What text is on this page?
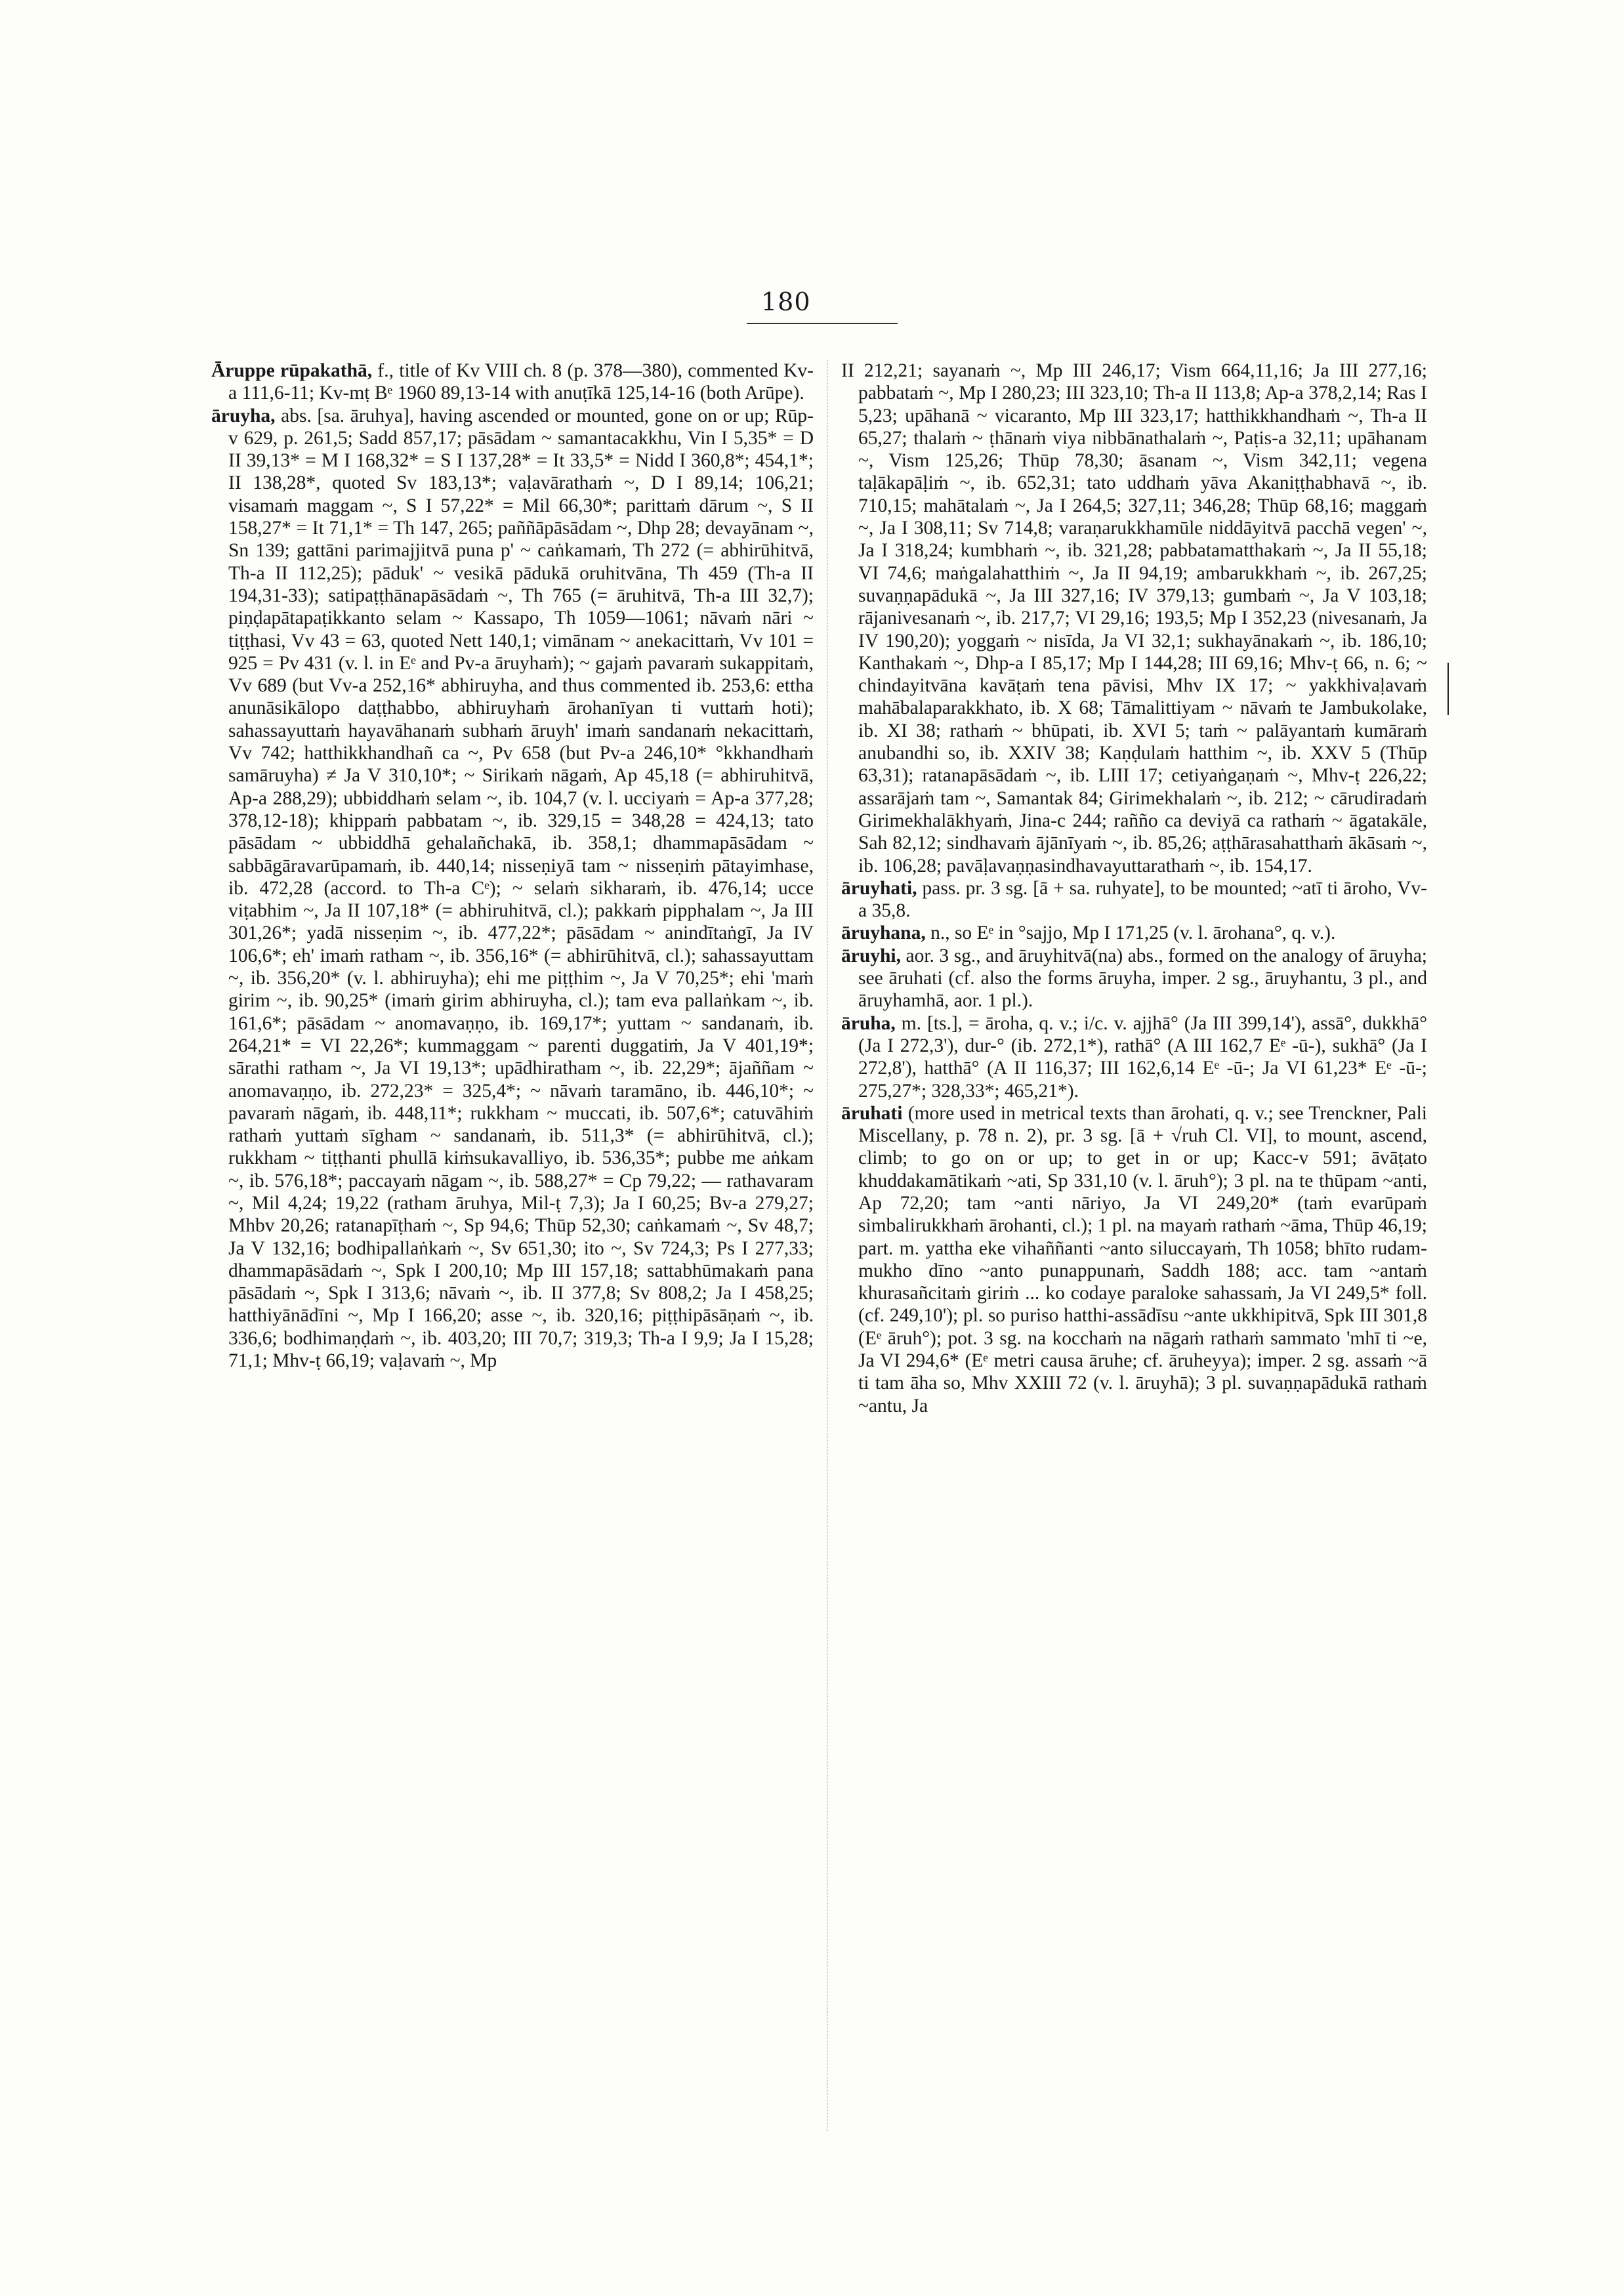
180

Āruppe rūpakathā, f., title of Kv VIII ch. 8 (p. 378—380), commented Kv-a 111,6-11; Kv-mṭ Bᵉ 1960 89,13-14 with anuṭīkā 125,14-16 (both Arūpe).

āruyha, abs. [sa. āruhya], having ascended or mounted, gone on or up; Rūp-v 629, p. 261,5; Sadd 857,17; pāsādam ~ samantacakkhu, Vin I 5,35* = D II 39,13* = M I 168,32* = S I 137,28* = It 33,5* = Nidd I 360,8*; 454,1*; II 138,28*, quoted Sv 183,13*; vaḷavārathaṁ ~, D I 89,14; 106,21; visamaṁ maggam ~, S I 57,22* = Mil 66,30*; parittaṁ dārum ~, S II 158,27* = It 71,1* = Th 147, 265; paññāpāsādam ~, Dhp 28; devayānam ~, Sn 139; gattāni parimajjitvā puna p' ~ caṅkamaṁ, Th 272 (= abhirūhitvā, Th-a II 112,25); pāduk' ~ vesikā pādukā oruhitvāna, Th 459 (Th-a II 194,31-33); satipaṭṭhānapāsādaṁ ~, Th 765 (= āruhitvā, Th-a III 32,7); piṇḍapātapaṭikkanto selam ~ Kassapo, Th 1059—1061; nāvaṁ nāri ~ tiṭṭhasi, Vv 43 = 63, quoted Nett 140,1; vimānam ~ anekacittaṁ, Vv 101 = 925 = Pv 431 (v. l. in Eᵉ and Pv-a āruyhaṁ); ~ gajaṁ pavaraṁ sukappitaṁ, Vv 689 (but Vv-a 252,16* abhiruyha, and thus commented ib. 253,6: ettha anunāsikālopo daṭṭhabbo, abhiruyhaṁ ārohanīyan ti vuttaṁ hoti); sahassayuttaṁ hayavāhanaṁ subhaṁ āruyh' imaṁ sandanaṁ nekacittaṁ, Vv 742; hatthikkhandhañ ca ~, Pv 658 (but Pv-a 246,10* °kkhandhaṁ samāruyha) ≠ Ja V 310,10*; ~ Sirikaṁ nāgaṁ, Ap 45,18 (= abhiruhitvā, Ap-a 288,29); ubbiddhaṁ selam ~, ib. 104,7 (v. l. ucciyaṁ = Ap-a 377,28; 378,12-18); khippaṁ pabbatam ~, ib. 329,15 = 348,28 = 424,13; tato pāsādam ~ ubbiddhā gehalañchakā, ib. 358,1; dhammapāsādam ~ sabbāgāravarūpamaṁ, ib. 440,14; nisseṇiyā tam ~ nisseṇiṁ pātayimhase, ib. 472,28 (accord. to Th-a Cᵉ); ~ selaṁ sikharaṁ, ib. 476,14; ucce viṭabhim ~, Ja II 107,18* (= abhiruhitvā, cl.); pakkaṁ pipphalam ~, Ja III 301,26*; yadā nisseṇim ~, ib. 477,22*; pāsādam ~ anindītaṅgī, Ja IV 106,6*; eh' imaṁ ratham ~, ib. 356,16* (= abhirūhitvā, cl.); sahassayuttam ~, ib. 356,20* (v. l. abhiruyha); ehi me piṭṭhim ~, Ja V 70,25*; ehi 'maṁ girim ~, ib. 90,25* (imaṁ girim abhiruyha, cl.); tam eva pallaṅkam ~, ib. 161,6*; pāsādam ~ anomavaṇṇo, ib. 169,17*; yuttam ~ sandanaṁ, ib. 264,21* = VI 22,26*; kummaggam ~ parenti duggatiṁ, Ja V 401,19*; sārathi ratham ~, Ja VI 19,13*; upādhiratham ~, ib. 22,29*; ājaññam ~ anomavaṇṇo, ib. 272,23* = 325,4*; ~ nāvaṁ taramāno, ib. 446,10*; ~ pavaraṁ nāgaṁ, ib. 448,11*; rukkham ~ muccati, ib. 507,6*; catuvāhiṁ rathaṁ yuttaṁ sīgham ~ sandanaṁ, ib. 511,3* (= abhirūhitvā, cl.); rukkham ~ tiṭṭhanti phullā kiṁsukavalliyo, ib. 536,35*; pubbe me aṅkam ~, ib. 576,18*; paccayaṁ nāgam ~, ib. 588,27* = Cp 79,22; — rathavaram ~, Mil 4,24; 19,22 (ratham āruhya, Mil-ṭ 7,3); Ja I 60,25; Bv-a 279,27; Mhbv 20,26; ratanapīṭhaṁ ~, Sp 94,6; Thūp 52,30; caṅkamaṁ ~, Sv 48,7; Ja V 132,16; bodhipallaṅkaṁ ~, Sv 651,30; ito ~, Sv 724,3; Ps I 277,33; dhammapāsādaṁ ~, Spk I 200,10; Mp III 157,18; sattabhūmakaṁ pana pāsādaṁ ~, Spk I 313,6; nāvaṁ ~, ib. II 377,8; Sv 808,2; Ja I 458,25; hatthiyānādīni ~, Mp I 166,20; asse ~, ib. 320,16; piṭṭhipāsāṇaṁ ~, ib. 336,6; bodhimaṇḍaṁ ~, ib. 403,20; III 70,7; 319,3; Th-a I 9,9; Ja I 15,28; 71,1; Mhv-ṭ 66,19; vaḷavaṁ ~, Mp

II 212,21; sayanaṁ ~, Mp III 246,17; Vism 664,11,16; Ja III 277,16; pabbataṁ ~, Mp I 280,23; III 323,10; Th-a II 113,8; Ap-a 378,2,14; Ras I 5,23; upāhanā ~ vicaranto, Mp III 323,17; hatthikkhandhaṁ ~, Th-a II 65,27; thalaṁ ~ ṭhānaṁ viya nibbānathalaṁ ~, Paṭis-a 32,11; upāhanam ~, Vism 125,26; Thūp 78,30; āsanam ~, Vism 342,11; vegena taḷākapāḷiṁ ~, ib. 652,31; tato uddhaṁ yāva Akaniṭṭhabhavā ~, ib. 710,15; mahātalaṁ ~, Ja I 264,5; 327,11; 346,28; Thūp 68,16; maggaṁ ~, Ja I 308,11; Sv 714,8; varaṇarukkhamūle niddāyitvā pacchā vegen' ~, Ja I 318,24; kumbhaṁ ~, ib. 321,28; pabbatamatthakaṁ ~, Ja II 55,18; VI 74,6; maṅgalahatthiṁ ~, Ja II 94,19; ambarukkhaṁ ~, ib. 267,25; suvaṇṇapādukā ~, Ja III 327,16; IV 379,13; gumbaṁ ~, Ja V 103,18; rājanivesanaṁ ~, ib. 217,7; VI 29,16; 193,5; Mp I 352,23 (nivesanaṁ, Ja IV 190,20); yoggaṁ ~ nisīda, Ja VI 32,1; sukhayānakaṁ ~, ib. 186,10; Kanthakaṁ ~, Dhp-a I 85,17; Mp I 144,28; III 69,16; Mhv-ṭ 66, n. 6; ~ chindayitvāna kavāṭaṁ tena pāvisi, Mhv IX 17; ~ yakkhivaḷavaṁ mahābalaparakkhato, ib. X 68; Tāmalittiyam ~ nāvaṁ te Jambukolake, ib. XI 38; rathaṁ ~ bhūpati, ib. XVI 5; taṁ ~ palāyantaṁ kumāraṁ anubandhi so, ib. XXIV 38; Kaṇḍulaṁ hatthim ~, ib. XXV 5 (Thūp 63,31); ratanapāsādaṁ ~, ib. LIII 17; cetiyaṅgaṇaṁ ~, Mhv-ṭ 226,22; assarājaṁ tam ~, Samantak 84; Girimekhalaṁ ~, ib. 212; ~ cārudiradaṁ Girimekhalākhyaṁ, Jina-c 244; rañño ca deviyā ca rathaṁ ~ āgatakāle, Sah 82,12; sindhavaṁ ājānīyaṁ ~, ib. 85,26; aṭṭhārasahatthaṁ ākāsaṁ ~, ib. 106,28; pavāḷavaṇṇasindhavayuttarathaṁ ~, ib. 154,17.

āruyhati, pass. pr. 3 sg. [ā + sa. ruhyate], to be mounted; ~atī ti āroho, Vv-a 35,8.

āruyhana, n., so Eᵉ in °sajjo, Mp I 171,25 (v. l. ārohana°, q. v.).

āruyhi, aor. 3 sg., and āruyhitvā(na) abs., formed on the analogy of āruyha; see āruhati (cf. also the forms āruyha, imper. 2 sg., āruyhantu, 3 pl., and āruyhamhā, aor. 1 pl.).

āruha, m. [ts.], = āroha, q. v.; i/c. v. ajjhā° (Ja III 399,14'), assā°, dukkhā° (Ja I 272,3'), dur-° (ib. 272,1*), rathā° (A III 162,7 Eᵉ -ū-), sukhā° (Ja I 272,8'), hatthā° (A II 116,37; III 162,6,14 Eᵉ -ū-; Ja VI 61,23* Eᵉ -ū-; 275,27*; 328,33*; 465,21*).

āruhati (more used in metrical texts than ārohati, q. v.; see Trenckner, Pali Miscellany, p. 78 n. 2), pr. 3 sg. [ā + √ruh Cl. VI], to mount, ascend, climb; to go on or up; to get in or up; Kacc-v 591; āvāṭato khuddakamātikaṁ ~ati, Sp 331,10 (v. l. āruh°); 3 pl. na te thūpam ~anti, Ap 72,20; tam ~anti nāriyo, Ja VI 249,20* (taṁ evarūpaṁ simbalirukkhaṁ ārohanti, cl.); 1 pl. na mayaṁ rathaṁ ~āma, Thūp 46,19; part. m. yattha eke vihaññanti ~anto siluccayaṁ, Th 1058; bhīto rudam-mukho dīno ~anto punappunaṁ, Saddh 188; acc. tam ~antaṁ khurasañcitaṁ giriṁ ... ko codaye paraloke sahassaṁ, Ja VI 249,5* foll. (cf. 249,10'); pl. so puriso hatthi-assādīsu ~ante ukkhipitvā, Spk III 301,8 (Eᵉ āruh°); pot. 3 sg. na kocchaṁ na nāgaṁ rathaṁ sammato 'mhī ti ~e, Ja VI 294,6* (Eᵉ metri causa āruhe; cf. āruheyya); imper. 2 sg. assaṁ ~ā ti tam āha so, Mhv XXIII 72 (v. l. āruyhā); 3 pl. suvaṇṇapādukā rathaṁ ~antu, Ja
